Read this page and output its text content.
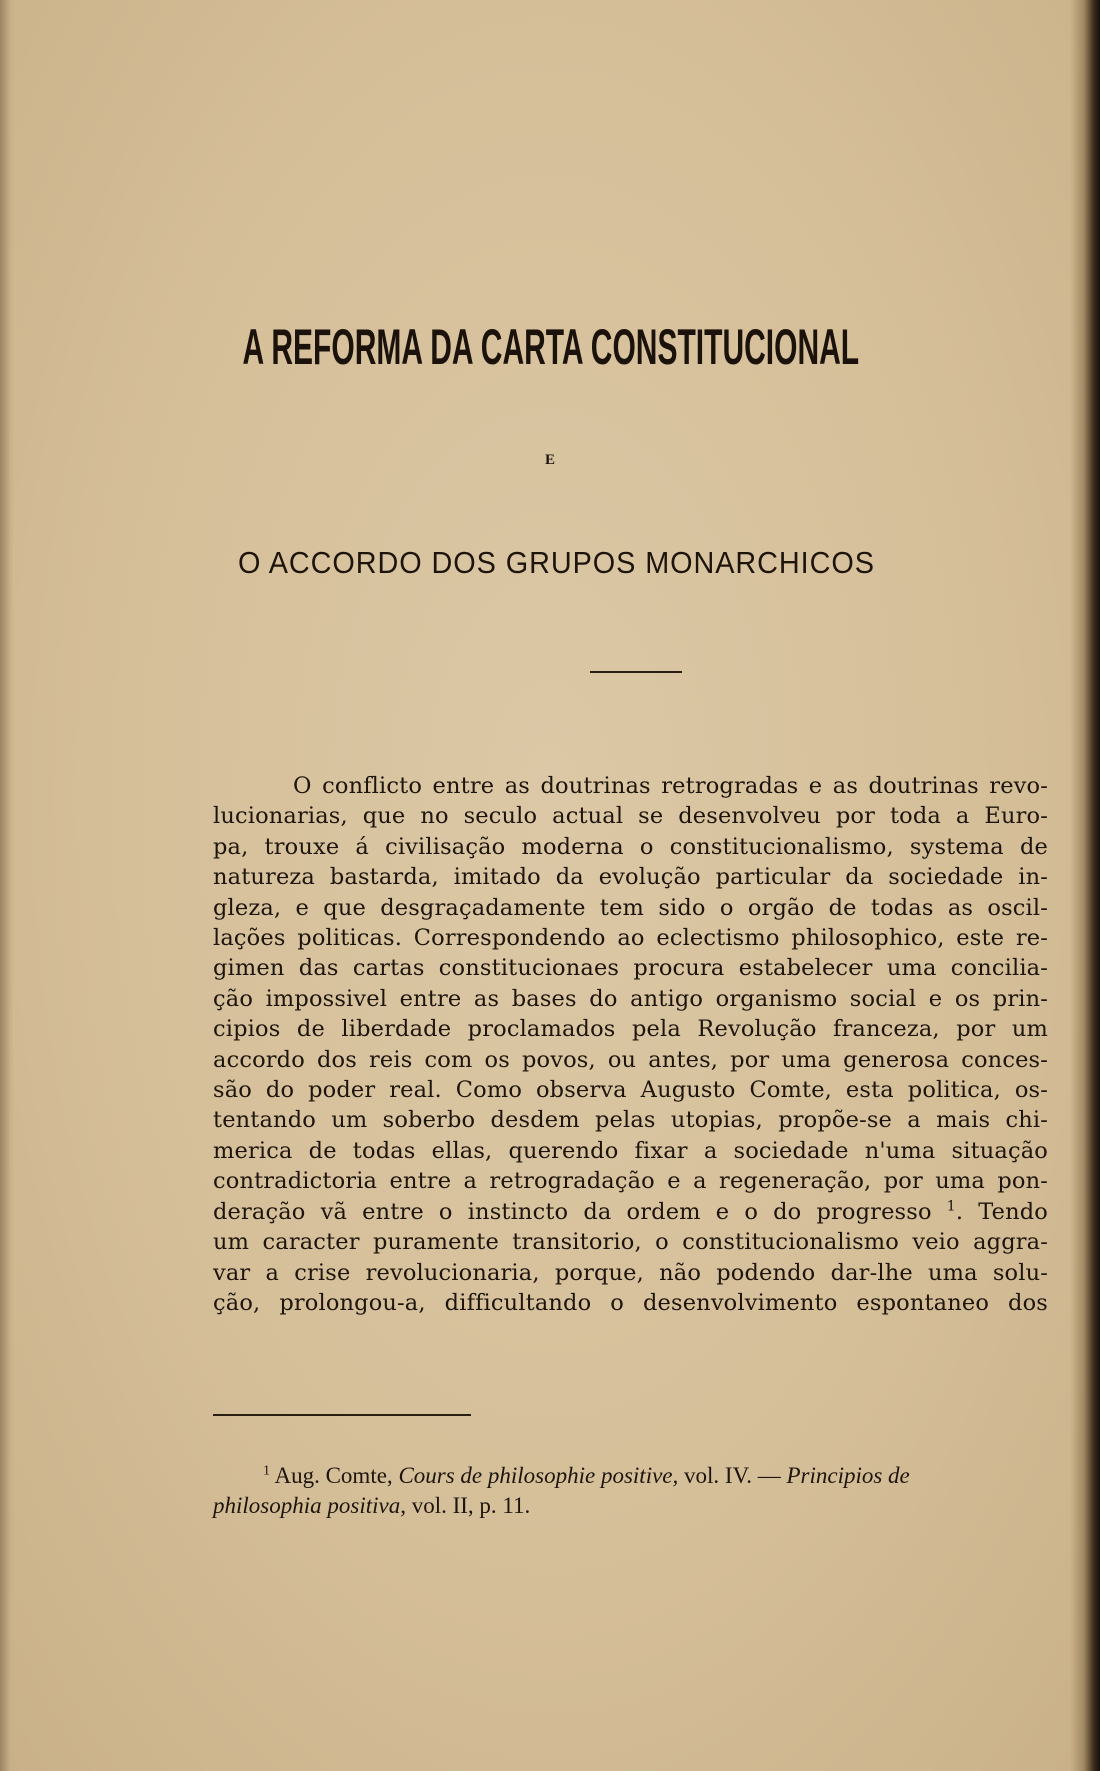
A REFORMA DA CARTA CONSTITUCIONAL
E
O ACCORDO DOS GRUPOS MONARCHICOS
O conflicto entre as doutrinas retrogradas e as doutrinas revo-
lucionarias, que no seculo actual se desenvolveu por toda a Euro-
pa, trouxe á civilisação moderna o constitucionalismo, systema de
natureza bastarda, imitado da evolução particular da sociedade in-
gleza, e que desgraçadamente tem sido o orgão de todas as oscil-
lações politicas. Correspondendo ao eclectismo philosophico, este re-
gimen das cartas constitucionaes procura estabelecer uma concilia-
ção impossivel entre as bases do antigo organismo social e os prin-
cipios de liberdade proclamados pela Revolução franceza, por um
accordo dos reis com os povos, ou antes, por uma generosa conces-
são do poder real. Como observa Augusto Comte, esta politica, os-
tentando um soberbo desdem pelas utopias, propõe-se a mais chi-
merica de todas ellas, querendo fixar a sociedade n'uma situação
contradictoria entre a retrogradação e a regeneração, por uma pon-
deração vã entre o instincto da ordem e o do progresso $^1$. Tendo
um caracter puramente transitorio, o constitucionalismo veio aggra-
var a crise revolucionaria, porque, não podendo dar-lhe uma solu-
ção, prolongou-a, difficultando o desenvolvimento espontaneo dos
$^1$ Aug. Comte, Cours de philosophie positive, vol. IV. — Principios de
philosophia positiva, vol. II, p. 11.
